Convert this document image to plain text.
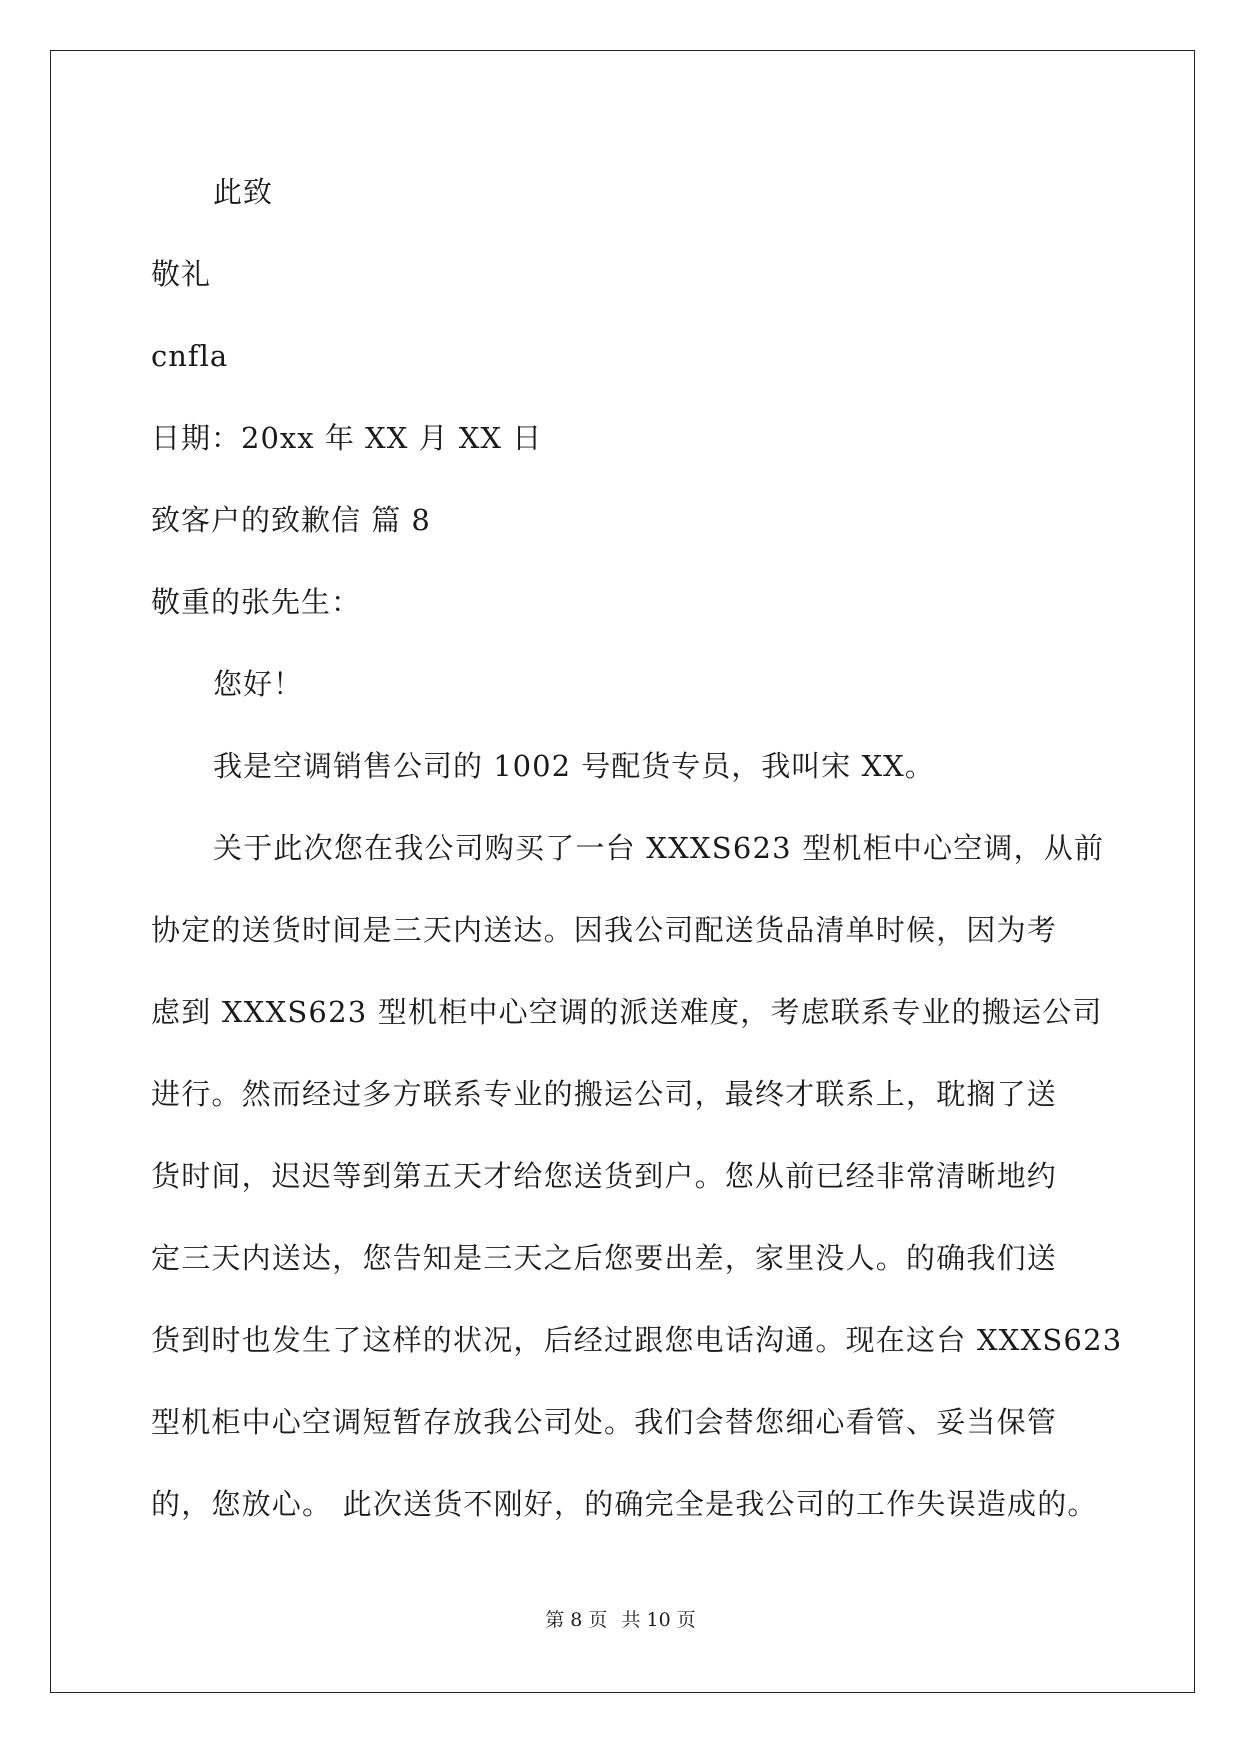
此致
敬礼
cnfla
日期：20xx 年 XX 月 XX 日
致客户的致歉信 篇 8
敬重的张先生：
您好！
我是空调销售公司的 1002 号配货专员，我叫宋 XX。
关于此次您在我公司购买了一台 XXXS623 型机柜中心空调，从前
协定的送货时间是三天内送达。因我公司配送货品清单时候，因为考
虑到 XXXS623 型机柜中心空调的派送难度，考虑联系专业的搬运公司
进行。然而经过多方联系专业的搬运公司，最终才联系上，耽搁了送
货时间，迟迟等到第五天才给您送货到户。您从前已经非常清晰地约
定三天内送达，您告知是三天之后您要出差，家里没人。的确我们送
货到时也发生了这样的状况，后经过跟您电话沟通。现在这台 XXXS623
型机柜中心空调短暂存放我公司处。我们会替您细心看管、妥当保管
的，您放心。 此次送货不刚好，的确完全是我公司的工作失误造成的。
第 8 页 共 10 页
